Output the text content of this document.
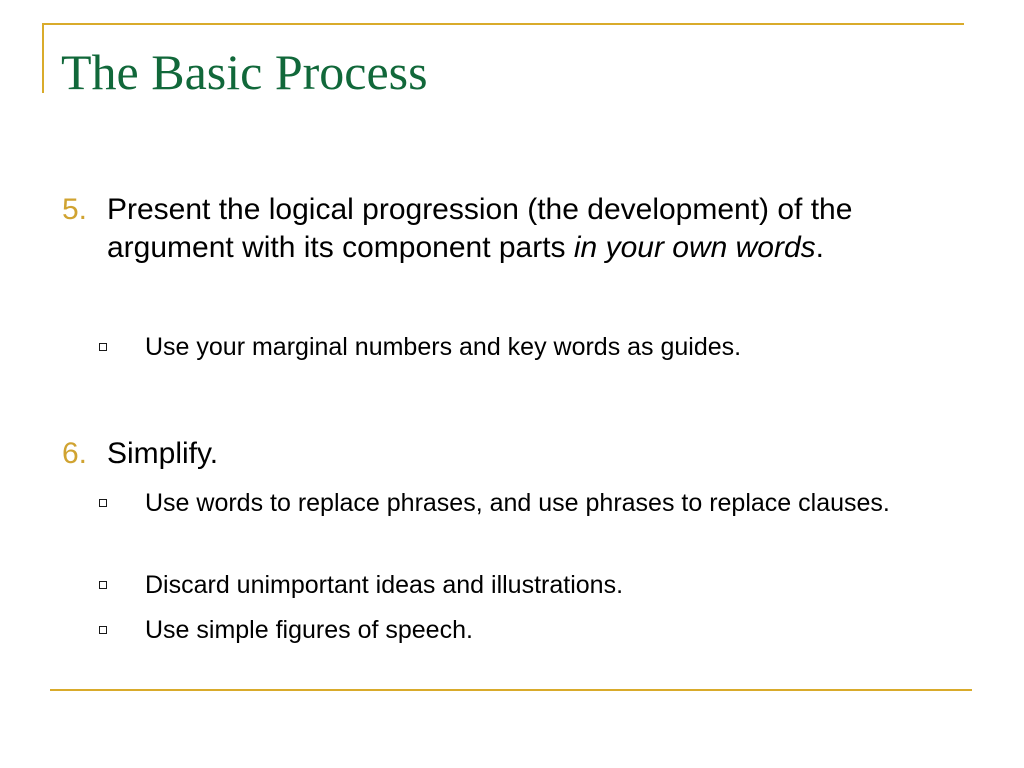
The Basic Process
5. Present the logical progression (the development) of the argument with its component parts in your own words.

Use your marginal numbers and key words as guides.

6. Simplify.

Use words to replace phrases, and use phrases to replace clauses.

Discard unimportant ideas and illustrations.

Use simple figures of speech.
